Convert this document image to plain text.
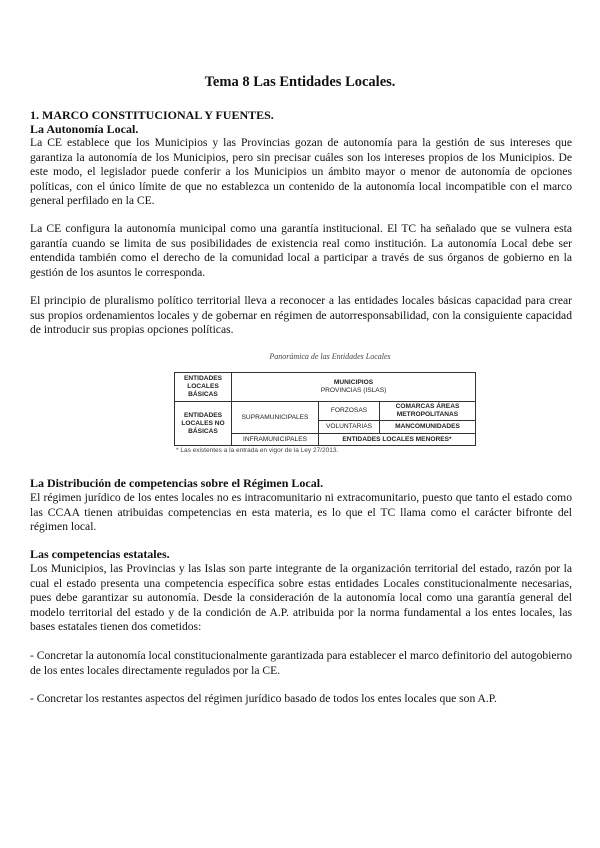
Tema 8 Las Entidades Locales.
1. MARCO CONSTITUCIONAL Y FUENTES.
La Autonomía Local.

La CE establece que los Municipios y las Provincias gozan de autonomía para la gestión de sus intereses que garantiza la autonomía de los Municipios, pero sin precisar cuáles son los intereses propios de los Municipios. De este modo, el legislador puede conferir a los Municipios un ámbito mayor o menor de autonomía de opciones políticas, con el único límite de que no establezca un contenido de la autonomía local incompatible con el marco general perfilado en la CE.

La CE configura la autonomía municipal como una garantía institucional. El TC ha señalado que se vulnera esta garantía cuando se limita de sus posibilidades de existencia real como institución. La autonomía Local debe ser entendida también como el derecho de la comunidad local a participar a través de sus órganos de gobierno en la gestión de los asuntos le corresponda.

El principio de pluralismo político territorial lleva a reconocer a las entidades locales básicas capacidad para crear sus propios ordenamientos locales y de gobernar en régimen de autorresponsabilidad, con la consiguiente capacidad de introducir sus propias opciones políticas.

Panorámica de las Entidades Locales
ENTIDADES LOCALES BÁSICAS	MUNICIPIOS
PROVINCIAS (ISLAS)		

ENTIDADES LOCALES NO BÁSICAS	SUPRAMUNICIPALES	FORZOSAS	COMARCAS ÁREAS METROPOLITANAS
		VOLUNTARIAS	MANCOMUNIDADES
	INFRAMUNICIPALES	ENTIDADES LOCALES MENORES*	
* Las existentes a la entrada en vigor de la Ley 27/2013.
La Distribución de competencias sobre el Régimen Local.

El régimen jurídico de los entes locales no es intracomunitario ni extracomunitario, puesto que tanto el estado como las CCAA tienen atribuidas competencias en esta materia, es lo que el TC llama como el carácter bifronte del régimen local.

Las competencias estatales.

Los Municipios, las Provincias y las Islas son parte integrante de la organización territorial del estado, razón por la cual el estado presenta una competencia específica sobre estas entidades Locales constitucionalmente necesarias, pues debe garantizar su autonomía. Desde la consideración de la autonomía local como una garantía general del modelo territorial del estado y de la condición de A.P. atribuida por la norma fundamental a los entes locales, las bases estatales tienen dos cometidos:

- Concretar la autonomía local constitucionalmente garantizada para establecer el marco definitorio del autogobierno de los entes locales directamente regulados por la CE.

- Concretar los restantes aspectos del régimen jurídico basado de todos los entes locales que son A.P.
